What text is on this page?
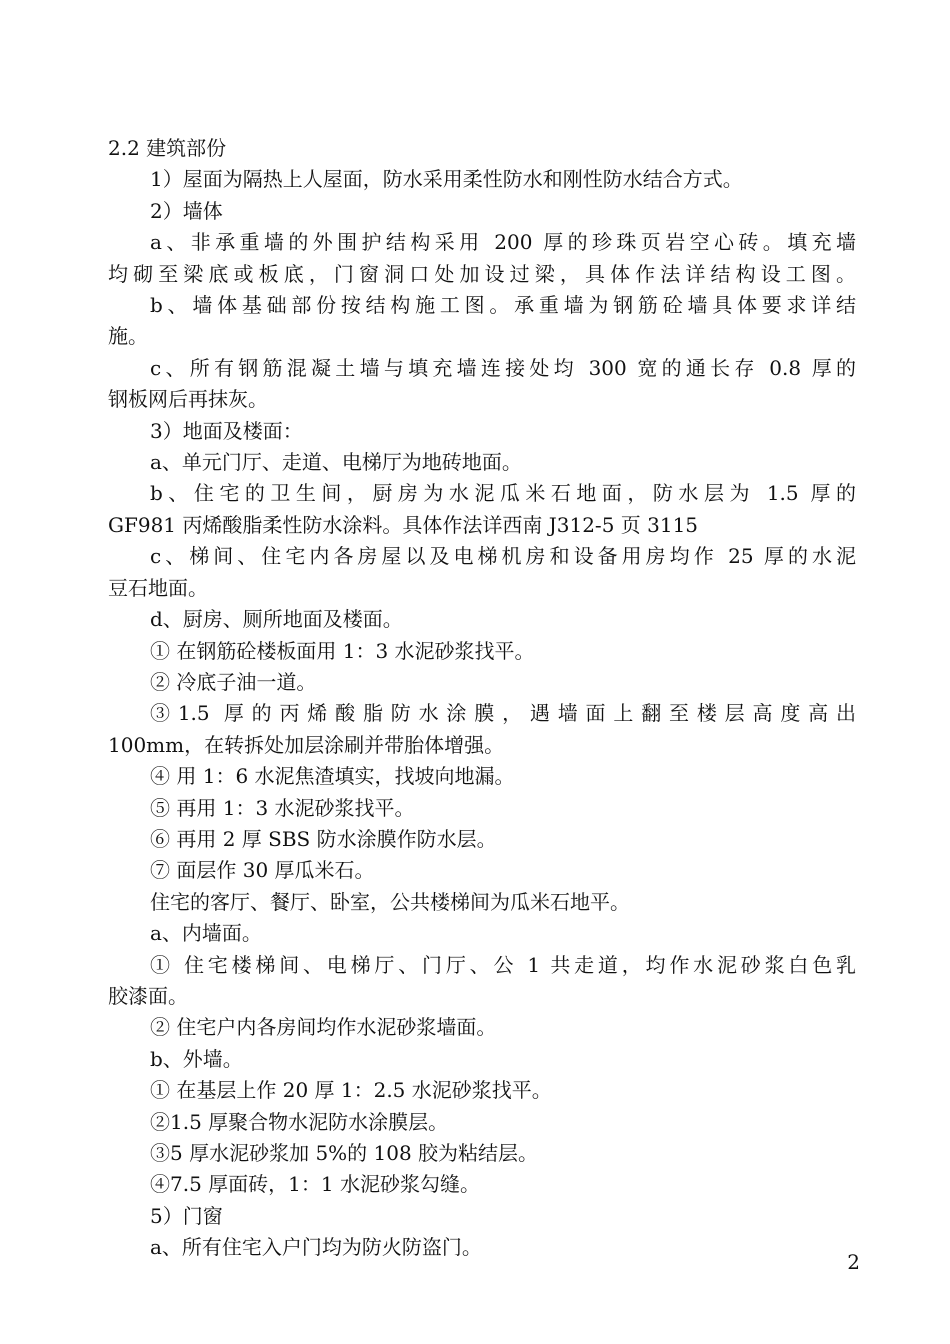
2.2 建筑部份

1）屋面为隔热上人屋面，防水采用柔性防水和刚性防水结合方式。

2）墙体

a、非承重墙的外围护结构采用 200 厚的珍珠页岩空心砖。填充墙

均砌至梁底或板底，门窗洞口处加设过梁，具体作法详结构设工图。

b、墙体基础部份按结构施工图。承重墙为钢筋砼墙具体要求详结

施。

c、所有钢筋混凝土墙与填充墙连接处均 300 宽的通长存 0.8 厚的

钢板网后再抹灰。

3）地面及楼面：

a、单元门厅、走道、电梯厅为地砖地面。

b、住宅的卫生间，厨房为水泥瓜米石地面，防水层为 1.5 厚的

GF981 丙烯酸脂柔性防水涂料。具体作法详西南 J312-5 页 3115

c、梯间、住宅内各房屋以及电梯机房和设备用房均作 25 厚的水泥

豆石地面。

d、厨房、厕所地面及楼面。

① 在钢筋砼楼板面用 1：3 水泥砂浆找平。

② 冷底子油一道。

③1.5 厚的丙烯酸脂防水涂膜，遇墙面上翻至楼层高度高出

100mm，在转拆处加层涂刷并带胎体增强。

④ 用 1：6 水泥焦渣填实，找坡向地漏。

⑤ 再用 1：3 水泥砂浆找平。

⑥ 再用 2 厚 SBS 防水涂膜作防水层。

⑦ 面层作 30 厚瓜米石。

住宅的客厅、餐厅、卧室，公共楼梯间为瓜米石地平。

a、内墙面。

① 住宅楼梯间、电梯厅、门厅、公 1 共走道，均作水泥砂浆白色乳

胶漆面。

② 住宅户内各房间均作水泥砂浆墙面。

b、外墙。

① 在基层上作 20 厚 1：2.5 水泥砂浆找平。

②1.5 厚聚合物水泥防水涂膜层。

③5 厚水泥砂浆加 5%的 108 胶为粘结层。

④7.5 厚面砖，1：1 水泥砂浆勾缝。

5）门窗

a、所有住宅入户门均为防火防盗门。

2
